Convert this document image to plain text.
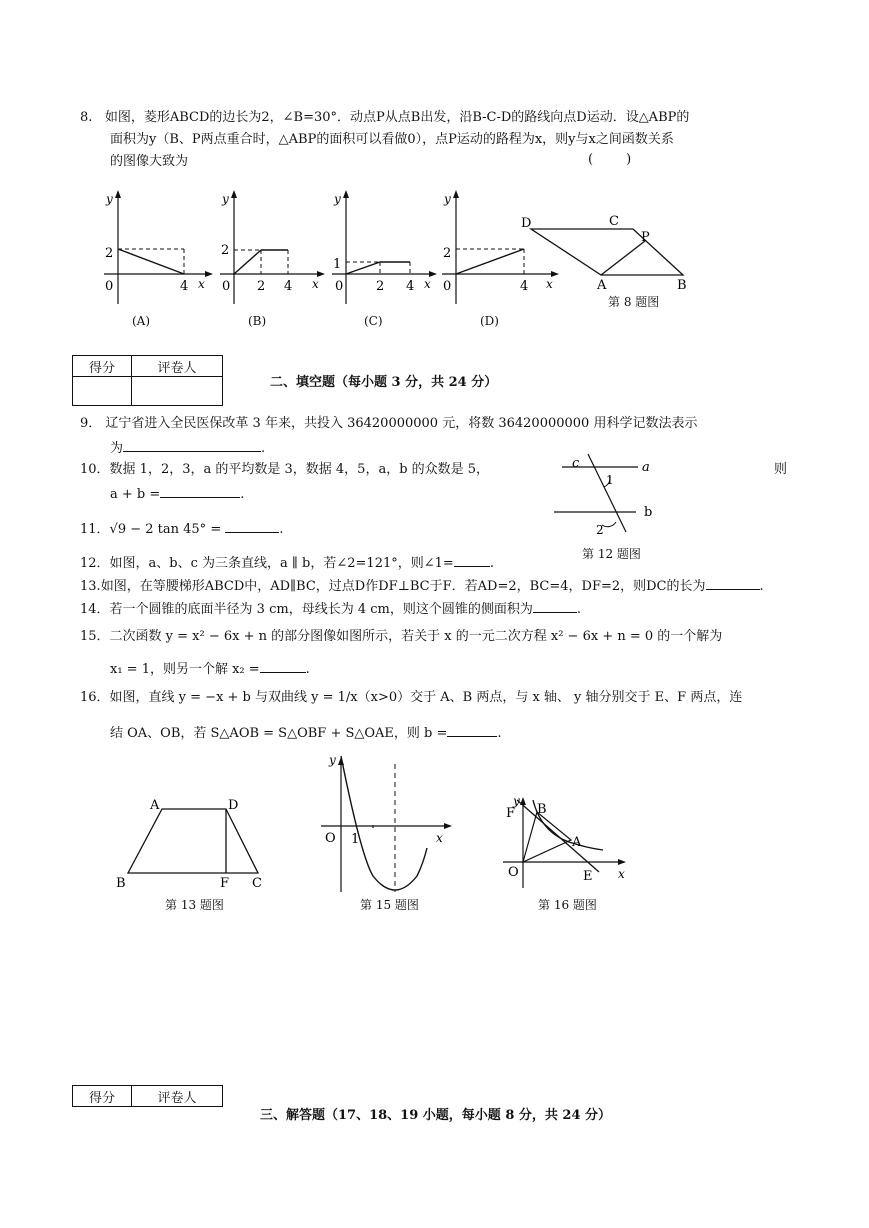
8. 如图，菱形ABCD的边长为2，∠B=30°．动点P从点B出发，沿B-C-D的路线向点D运动．设△ABP的
面积为y（B、P两点重合时，△ABP的面积可以看做0），点P运动的路程为x，则y与x之间函数关系
的图像大致为	(        )
y
2
0	4 x
y
2
0 2 4 x
y
1
0	2 4 x
y
2
0	4 x
D	C
P
A	B
第 8 题图
(A)	(B)	(C)	(D)
得分	评卷人

二、填空题（每小题 3 分，共 24 分）
9． 辽宁省进入全民医保改革 3 年来，共投入 36420000000 元，将数 36420000000 用科学记数法表示
为	.
10．数据 1，2，3，a 的平均数是 3，数据 4，5，a，b 的众数是 5，	则
a + b =	.
11．√9 − 2 tan 45° =	.
c	a
b
1
2
第 12 题图
12．如图，a、b、c 为三条直线，a ∥ b，若∠2=121°，则∠1=	.
13.如图，在等腰梯形ABCD中，AD∥BC，过点D作DF⊥BC于F．若AD=2，BC=4，DF=2，则DC的长为	.
14．若一个圆锥的底面半径为 3 cm，母线长为 4 cm，则这个圆锥的侧面积为	.
15．二次函数 y = x² − 6x + n 的部分图像如图所示，若关于 x 的一元二次方程 x² − 6x + n = 0 的一个解为
x₁ = 1，则另一个解 x₂ =	.
16．如图，直线 y = −x + b 与双曲线 y = 1/x（x>0）交于 A、B 两点，与 x 轴、 y 轴分别交于 E、F 两点，连
结 OA、OB，若 S△AOB = S△OBF + S△OAE，则 b =	.
A	D
B	F C
第 13 题图
y
O 1	x
第 15 题图
y
F B
A
O	E x
第 16 题图
得分	评卷人
三、解答题（17、18、19 小题，每小题 8 分，共 24 分）
